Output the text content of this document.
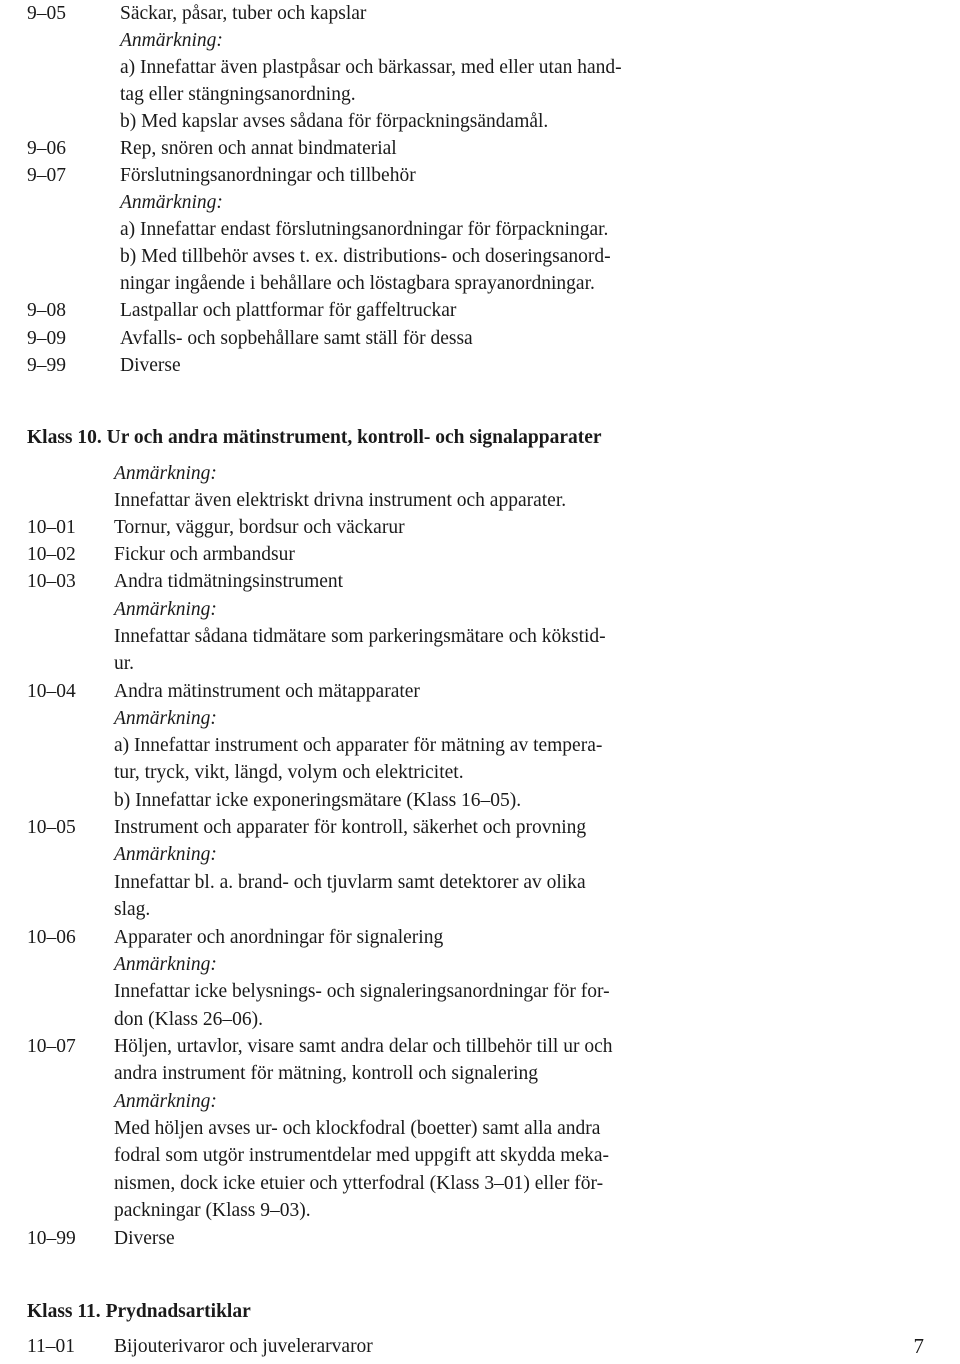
9–05	Säckar, påsar, tuber och kapslar
Anmärkning:
a) Innefattar även plastpåsar och bärkassar, med eller utan hand-
tag eller stängningsanordning.
b) Med kapslar avses sådana för förpackningsändamål.
9–06	Rep, snören och annat bindmaterial
9–07	Förslutningsanordningar och tillbehör
Anmärkning:
a) Innefattar endast förslutningsanordningar för förpackningar.
b) Med tillbehör avses t. ex. distributions- och doseringsanord-
ningar ingående i behållare och löstagbara sprayanordningar.
9–08	Lastpallar och plattformar för gaffeltruckar
9–09	Avfalls- och sopbehållare samt ställ för dessa
9–99	Diverse
Klass 10. Ur och andra mätinstrument, kontroll- och signalapparater
Anmärkning:
Innefattar även elektriskt drivna instrument och apparater.
10–01 Tornur, väggur, bordsur och väckarur
10–02 Fickur och armbandsur
10–03 Andra tidmätningsinstrument
Anmärkning:
Innefattar sådana tidmätare som parkeringsmätare och kökstid-
ur.
10–04 Andra mätinstrument och mätapparater
Anmärkning:
a) Innefattar instrument och apparater för mätning av tempera-
tur, tryck, vikt, längd, volym och elektricitet.
b) Innefattar icke exponeringsmätare (Klass 16–05).
10–05 Instrument och apparater för kontroll, säkerhet och provning
Anmärkning:
Innefattar bl. a. brand- och tjuvlarm samt detektorer av olika
slag.
10–06 Apparater och anordningar för signalering
Anmärkning:
Innefattar icke belysnings- och signaleringsanordningar för for-
don (Klass 26–06).
10–07 Höljen, urtavlor, visare samt andra delar och tillbehör till ur och
andra instrument för mätning, kontroll och signalering
Anmärkning:
Med höljen avses ur- och klockfodral (boetter) samt alla andra
fodral som utgör instrumentdelar med uppgift att skydda meka-
nismen, dock icke etuier och ytterfodral (Klass 3–01) eller för-
packningar (Klass 9–03).
10–99 Diverse
Klass 11. Prydnadsartiklar
11–01 Bijouterivaror och juvelerarvaror	7
